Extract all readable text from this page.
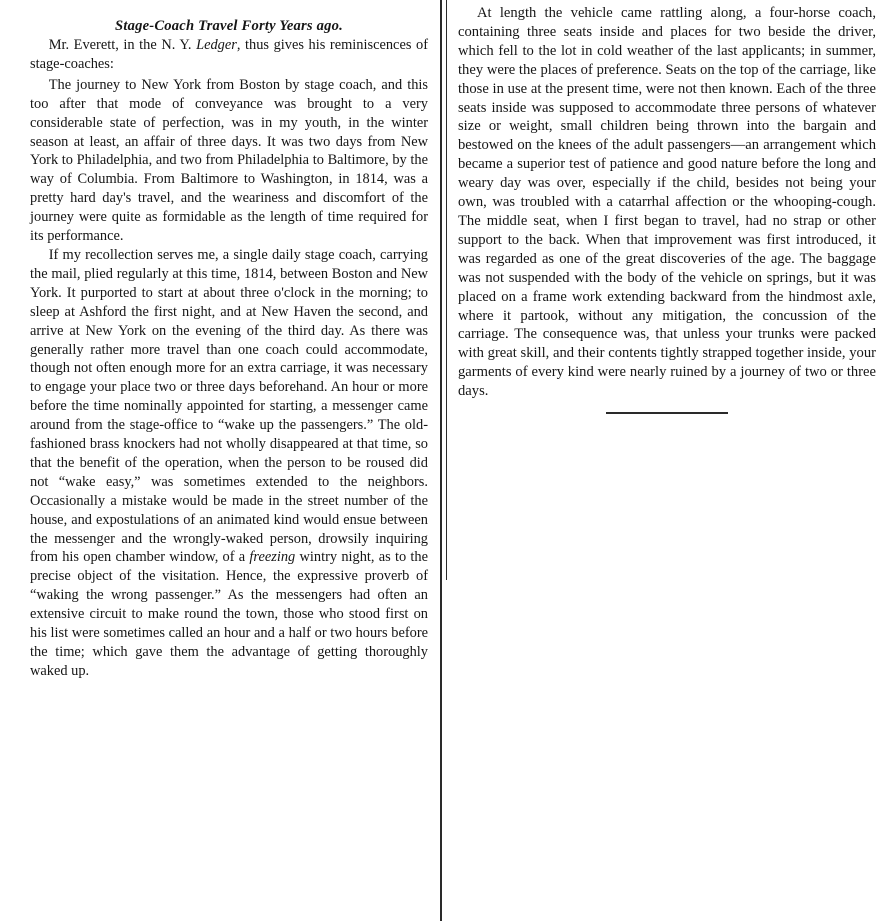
Stage-Coach Travel Forty Years ago.

Mr. Everett, in the N. Y. Ledger, thus gives his reminiscences of stage-coaches:

The journey to New York from Boston by stage coach, and this too after that mode of conveyance was brought to a very considerable state of perfection, was in my youth, in the winter season at least, an affair of three days. It was two days from New York to Philadelphia, and two from Philadelphia to Baltimore, by the way of Columbia. From Baltimore to Washington, in 1814, was a pretty hard day's travel, and the weariness and discomfort of the journey were quite as formidable as the length of time required for its performance.

If my recollection serves me, a single daily stage coach, carrying the mail, plied regularly at this time, 1814, between Boston and New York. It purported to start at about three o'clock in the morning; to sleep at Ashford the first night, and at New Haven the second, and arrive at New York on the evening of the third day. As there was generally rather more travel than one coach could accommodate, though not often enough more for an extra carriage, it was necessary to engage your place two or three days beforehand. An hour or more before the time nominally appointed for starting, a messenger came around from the stage-office to “wake up the passengers.” The old-fashioned brass knockers had not wholly disappeared at that time, so that the benefit of the operation, when the person to be roused did not “wake easy,” was sometimes extended to the neighbors. Occasionally a mistake would be made in the street number of the house, and expostulations of an animated kind would ensue between the messenger and the wrongly-waked person, drowsily inquiring from his open chamber window, of a freezing wintry night, as to the precise object of the visitation. Hence, the expressive proverb of “waking the wrong passenger.” As the messengers had often an extensive circuit to make round the town, those who stood first on his list were sometimes called an hour and a half or two hours before the time; which gave them the advantage of getting thoroughly waked up.

At length the vehicle came rattling along, a four-horse coach, containing three seats inside and places for two beside the driver, which fell to the lot in cold weather of the last applicants; in summer, they were the places of preference. Seats on the top of the carriage, like those in use at the present time, were not then known. Each of the three seats inside was supposed to accommodate three persons of whatever size or weight, small children being thrown into the bargain and bestowed on the knees of the adult passengers—an arrangement which became a superior test of patience and good nature before the long and weary day was over, especially if the child, besides not being your own, was troubled with a catarrhal affection or the whooping-cough. The middle seat, when I first began to travel, had no strap or other support to the back. When that improvement was first introduced, it was regarded as one of the great discoveries of the age. The baggage was not suspended with the body of the vehicle on springs, but it was placed on a frame work extending backward from the hindmost axle, where it partook, without any mitigation, the concussion of the carriage. The consequence was, that unless your trunks were packed with great skill, and their contents tightly strapped together inside, your garments of every kind were nearly ruined by a journey of two or three days.
